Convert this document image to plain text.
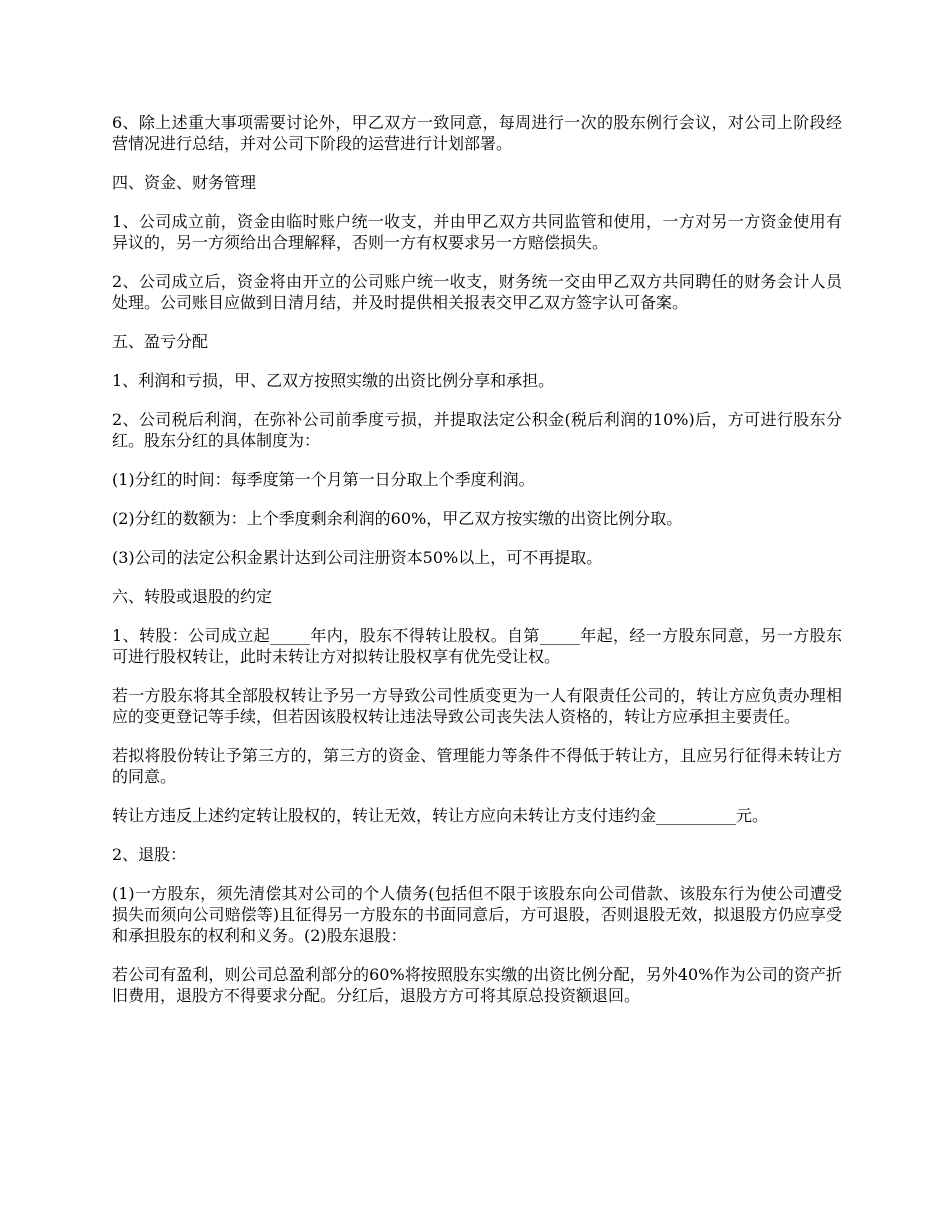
6、除上述重大事项需要讨论外，甲乙双方一致同意，每周进行一次的股东例行会议，对公司上阶段经营情况进行总结，并对公司下阶段的运营进行计划部署。

四、资金、财务管理

1、公司成立前，资金由临时账户统一收支，并由甲乙双方共同监管和使用，一方对另一方资金使用有异议的，另一方须给出合理解释，否则一方有权要求另一方赔偿损失。

2、公司成立后，资金将由开立的公司账户统一收支，财务统一交由甲乙双方共同聘任的财务会计人员处理。公司账目应做到日清月结，并及时提供相关报表交甲乙双方签字认可备案。

五、盈亏分配

1、利润和亏损，甲、乙双方按照实缴的出资比例分享和承担。

2、公司税后利润，在弥补公司前季度亏损，并提取法定公积金(税后利润的10%)后，方可进行股东分红。股东分红的具体制度为：

(1)分红的时间：每季度第一个月第一日分取上个季度利润。

(2)分红的数额为：上个季度剩余利润的60%，甲乙双方按实缴的出资比例分取。

(3)公司的法定公积金累计达到公司注册资本50%以上，可不再提取。

六、转股或退股的约定

1、转股：公司成立起_____年内，股东不得转让股权。自第_____年起，经一方股东同意，另一方股东可进行股权转让，此时未转让方对拟转让股权享有优先受让权。

若一方股东将其全部股权转让予另一方导致公司性质变更为一人有限责任公司的，转让方应负责办理相应的变更登记等手续，但若因该股权转让违法导致公司丧失法人资格的，转让方应承担主要责任。

若拟将股份转让予第三方的，第三方的资金、管理能力等条件不得低于转让方，且应另行征得未转让方的同意。

转让方违反上述约定转让股权的，转让无效，转让方应向未转让方支付违约金__________元。

2、退股：

(1)一方股东，须先清偿其对公司的个人债务(包括但不限于该股东向公司借款、该股东行为使公司遭受损失而须向公司赔偿等)且征得另一方股东的书面同意后，方可退股，否则退股无效，拟退股方仍应享受和承担股东的权利和义务。(2)股东退股：

若公司有盈利，则公司总盈利部分的60%将按照股东实缴的出资比例分配，另外40%作为公司的资产折旧费用，退股方不得要求分配。分红后，退股方方可将其原总投资额退回。
